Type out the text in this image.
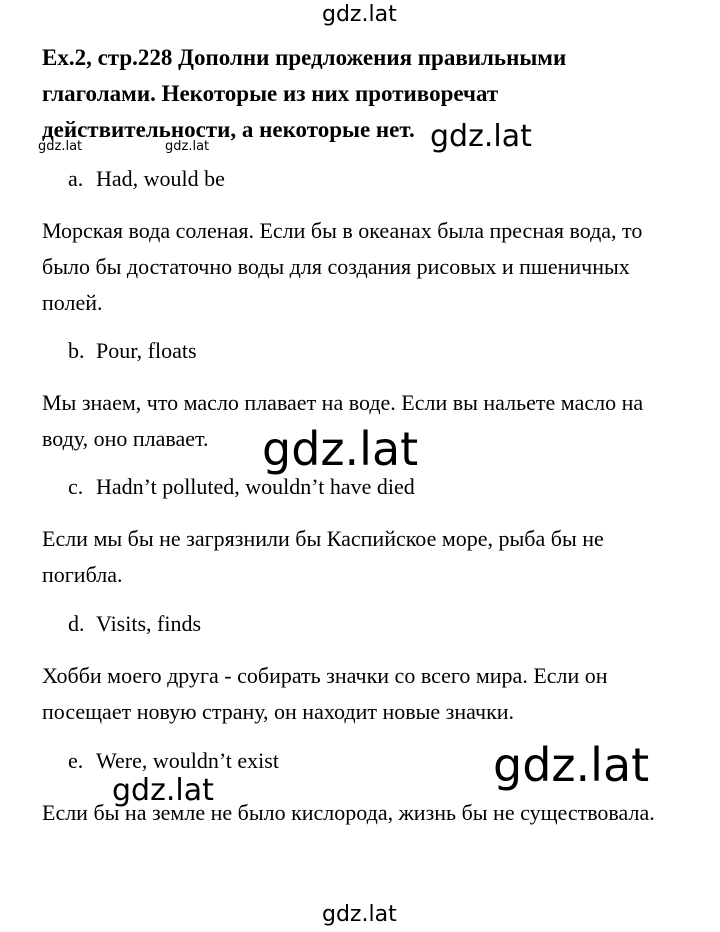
gdz.lat

Ex.2, стр.228 Дополни предложения правильными глаголами. Некоторые из них противоречат действительности, а некоторые нет.

gdz.lat	gdz.lat	gdz.lat
a. Had, would be

Морская вода соленая. Если бы в океанах была пресная вода, то было бы достаточно воды для создания рисовых и пшеничных полей.

b. Pour, floats

Мы знаем, что масло плавает на воде. Если вы нальете масло на воду, оно плавает.	gdz.lat
c. Hadn’t polluted, wouldn’t have died

Если мы бы не загрязнили бы Каспийское море, рыба бы не погибла.

d. Visits, finds

Хобби моего друга - собирать значки со всего мира. Если он посещает новую страну, он находит новые значки.

e. Were, wouldn’t exist	gdz.lat
gdz.lat

Если бы на земле не было кислорода, жизнь бы не существовала.

gdz.lat
